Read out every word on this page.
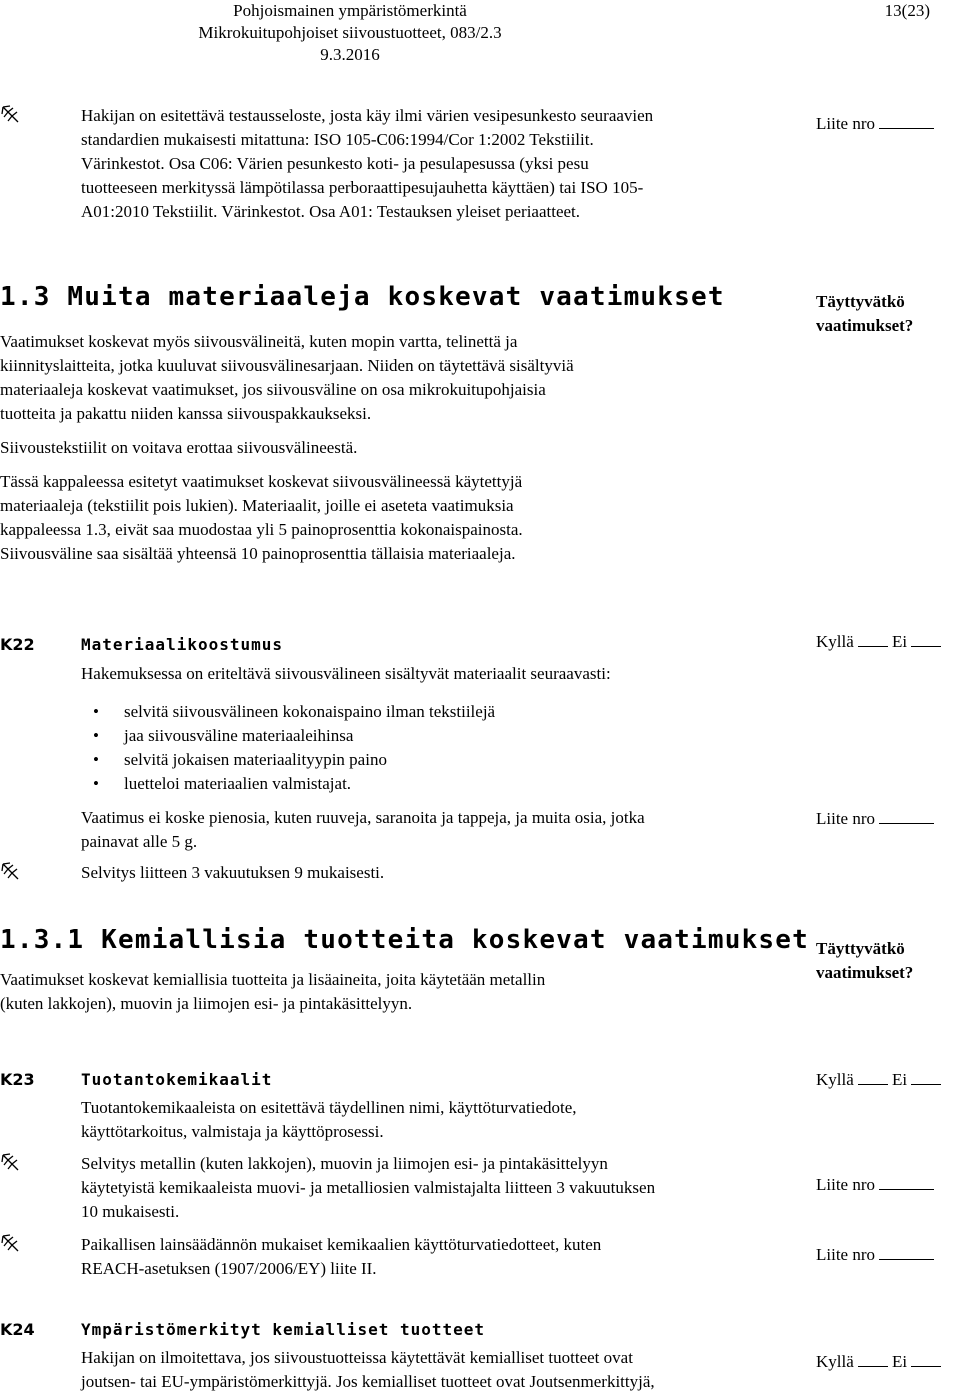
Pohjoismainen ympäristömerkintä
Mikrokuitupohjoiset siivoustuotteet, 083/2.3
9.3.2016
13(23)
Hakijan on esitettävä testausseloste, josta käy ilmi värien vesipesunkesto seuraavien
standardien mukaisesti mitattuna: ISO 105-C06:1994/Cor 1:2002 Tekstiilit.
Värinkestot. Osa C06: Värien pesunkesto koti- ja pesulapesussa (yksi pesu
tuotteeseen merkityssä lämpötilassa perboraattipesujauhetta käyttäen) tai ISO 105-
A01:2010 Tekstiilit. Värinkestot. Osa A01: Testauksen yleiset periaatteet.
Liite nro
1.3 Muita materiaaleja koskevat vaatimukset	Täyttyvätkö
vaatimukset?
Vaatimukset koskevat myös siivousvälineitä, kuten mopin vartta, telinettä ja
kiinnityslaitteita, jotka kuuluvat siivousvälinesarjaan. Niiden on täytettävä sisältyviä
materiaaleja koskevat vaatimukset, jos siivousväline on osa mikrokuitupohjaisia
tuotteita ja pakattu niiden kanssa siivouspakkaukseksi.
Siivoustekstiilit on voitava erottaa siivousvälineestä.
Tässä kappaleessa esitetyt vaatimukset koskevat siivousvälineessä käytettyjä
materiaaleja (tekstiilit pois lukien). Materiaalit, joille ei aseteta vaatimuksia
kappaleessa 1.3, eivät saa muodostaa yli 5 painoprosenttia kokonaispainosta.
Siivousväline saa sisältää yhteensä 10 painoprosenttia tällaisia materiaaleja.
K22	Materiaalikoostumus	Kyllä Ei
Hakemuksessa on eriteltävä siivousvälineen sisältyvät materiaalit seuraavasti:
• selvitä siivousvälineen kokonaispaino ilman tekstiilejä
• jaa siivousväline materiaaleihinsa
• selvitä jokaisen materiaalityypin paino
• luetteloi materiaalien valmistajat.
Vaatimus ei koske pienosia, kuten ruuveja, saranoita ja tappeja, ja muita osia, jotka
painavat alle 5 g.
Liite nro
Selvitys liitteen 3 vakuutuksen 9 mukaisesti.
1.3.1 Kemiallisia tuotteita koskevat vaatimukset Täyttyvätkö
vaatimukset?
Vaatimukset koskevat kemiallisia tuotteita ja lisäaineita, joita käytetään metallin
(kuten lakkojen), muovin ja liimojen esi- ja pintakäsittelyyn.
K23	Tuotantokemikaalit	Kyllä Ei
Tuotantokemikaaleista on esitettävä täydellinen nimi, käyttöturvatiedote,
käyttötarkoitus, valmistaja ja käyttöprosessi.
Selvitys metallin (kuten lakkojen), muovin ja liimojen esi- ja pintakäsittelyyn
käytetyistä kemikaaleista muovi- ja metalliosien valmistajalta liitteen 3 vakuutuksen
10 mukaisesti.
Liite nro
Paikallisen lainsäädännön mukaiset kemikaalien käyttöturvatiedotteet, kuten
REACH-asetuksen (1907/2006/EY) liite II.
Liite nro
K24	Ympäristömerkityt kemialliset tuotteet
Hakijan on ilmoitettava, jos siivoustuotteissa käytettävät kemialliset tuotteet ovat
joutsen- tai EU-ympäristömerkittyjä. Jos kemialliset tuotteet ovat Joutsenmerkittyjä,
Kyllä Ei
